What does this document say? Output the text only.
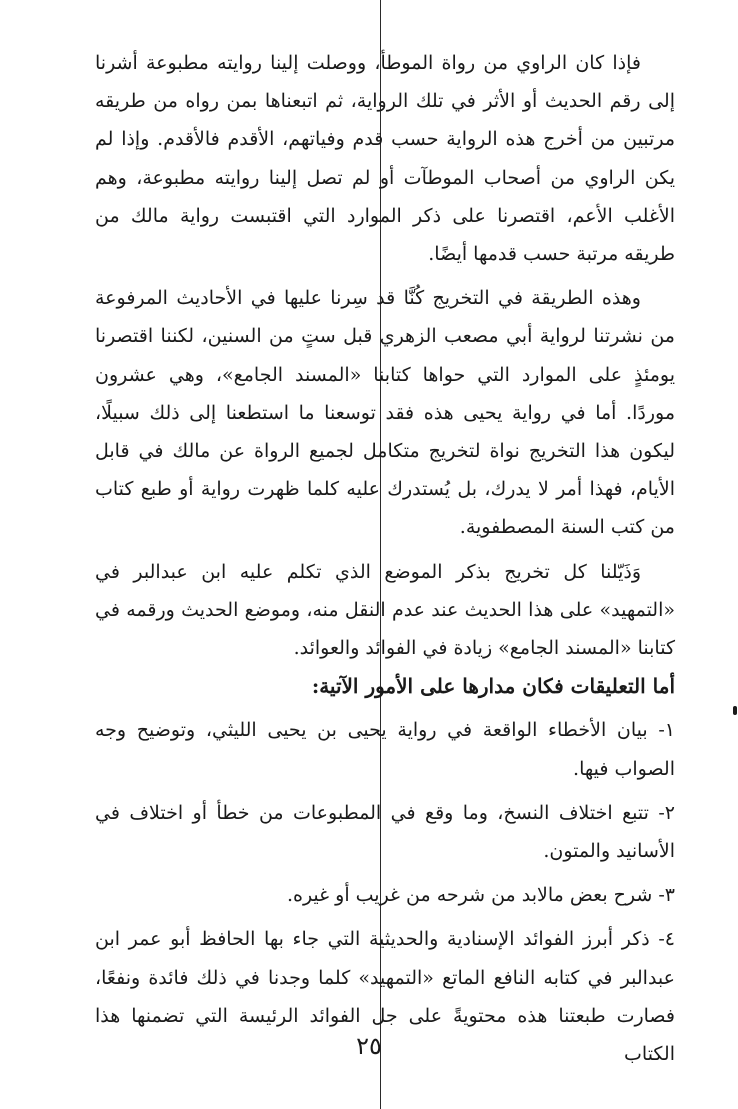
فإذا كان الراوي من رواة الموطأ، ووصلت إلينا روايته مطبوعة أشرنا إلى رقم الحديث أو الأثر في تلك الرواية، ثم اتبعناها بمن رواه من طريقه مرتبين من أخرج هذه الرواية حسب قدم وفياتهم، الأقدم فالأقدم. وإذا لم يكن الراوي من أصحاب الموطآت أو لم تصل إلينا روايته مطبوعة، وهم الأغلب الأعم، اقتصرنا على ذكر الموارد التي اقتبست رواية مالك من طريقه مرتبة حسب قدمها أيضًا.

وهذه الطريقة في التخريج كُنَّا قد سِرنا عليها في الأحاديث المرفوعة من نشرتنا لرواية أبي مصعب الزهري قبل ستٍ من السنين، لكننا اقتصرنا يومئذٍ على الموارد التي حواها كتابنا «المسند الجامع»، وهي عشرون موردًا. أما في رواية يحيى هذه فقد توسعنا ما استطعنا إلى ذلك سبيلًا، ليكون هذا التخريج نواة لتخريج متكامل لجميع الرواة عن مالك في قابل الأيام، فهذا أمر لا يدرك، بل يُستدرك عليه كلما ظهرت رواية أو طبع كتاب من كتب السنة المصطفوية.

وَذَيّلنا كل تخريج بذكر الموضع الذي تكلم عليه ابن عبدالبر في «التمهيد» على هذا الحديث عند عدم النقل منه، وموضع الحديث ورقمه في كتابنا «المسند الجامع» زيادة في الفوائد والعوائد.

أما التعليقات فكان مدارها على الأمور الآتية:

١- بيان الأخطاء الواقعة في رواية يحيى بن يحيى الليثي، وتوضيح وجه الصواب فيها.

٢- تتبع اختلاف النسخ، وما وقع في المطبوعات من خطأ أو اختلاف في الأسانيد والمتون.

٣- شرح بعض مالابد من شرحه من غريب أو غيره.

٤- ذكر أبرز الفوائد الإسنادية والحديثية التي جاء بها الحافظ أبو عمر ابن عبدالبر في كتابه النافع الماتع «التمهيد» كلما وجدنا في ذلك فائدة ونفعًا، فصارت طبعتنا هذه محتويةً على جل الفوائد الرئيسة التي تضمنها هذا الكتاب

٢٥
